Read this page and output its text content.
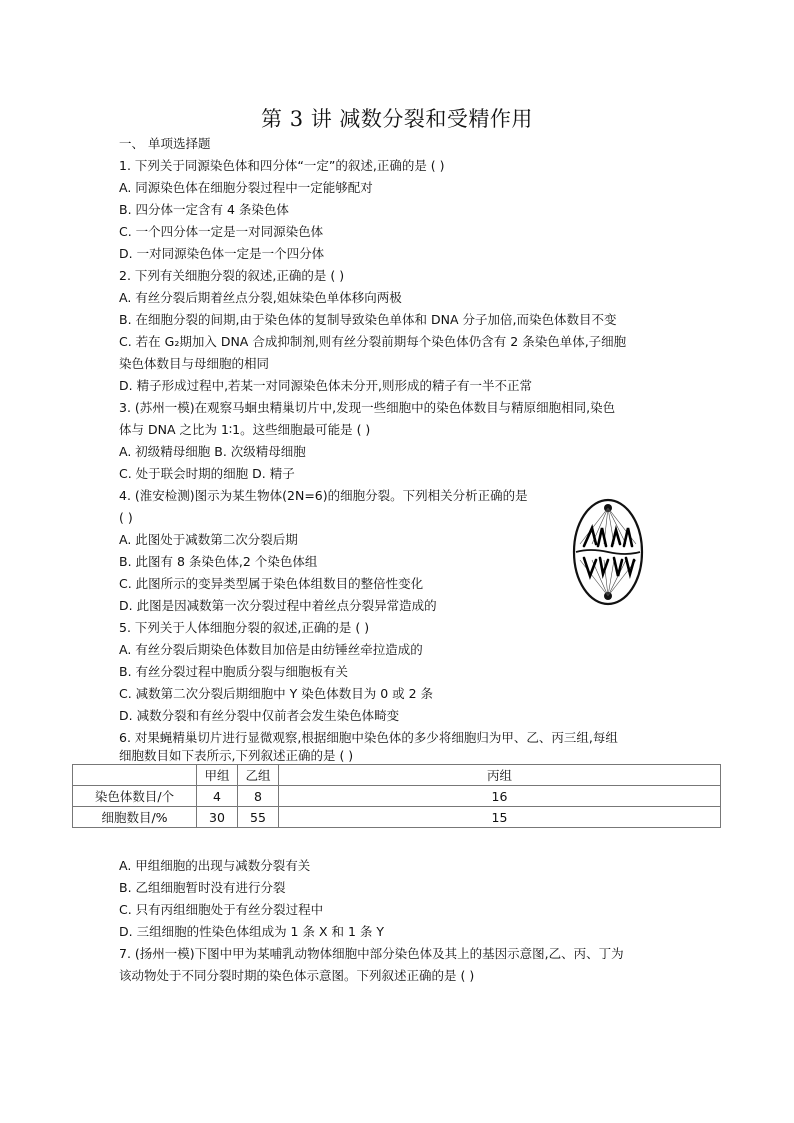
第 3 讲 减数分裂和受精作用
一、 单项选择题
1. 下列关于同源染色体和四分体“一定”的叙述,正确的是 ( )
A. 同源染色体在细胞分裂过程中一定能够配对
B. 四分体一定含有 4 条染色体
C. 一个四分体一定是一对同源染色体
D. 一对同源染色体一定是一个四分体
2. 下列有关细胞分裂的叙述,正确的是 ( )
A. 有丝分裂后期着丝点分裂,姐妹染色单体移向两极
B. 在细胞分裂的间期,由于染色体的复制导致染色单体和 DNA 分子加倍,而染色体数目不变
C. 若在 G₂期加入 DNA 合成抑制剂,则有丝分裂前期每个染色体仍含有 2 条染色单体,子细胞
染色体数目与母细胞的相同
D. 精子形成过程中,若某一对同源染色体未分开,则形成的精子有一半不正常
3. (苏州一模)在观察马蛔虫精巢切片中,发现一些细胞中的染色体数目与精原细胞相同,染色
体与 DNA 之比为 1∶1。这些细胞最可能是 ( )
A. 初级精母细胞 B. 次级精母细胞
C. 处于联会时期的细胞 D. 精子
4. (淮安检测)图示为某生物体(2N=6)的细胞分裂。下列相关分析正确的是
( )
A. 此图处于减数第二次分裂后期
B. 此图有 8 条染色体,2 个染色体组
C. 此图所示的变异类型属于染色体组数目的整倍性变化
D. 此图是因减数第一次分裂过程中着丝点分裂异常造成的
5. 下列关于人体细胞分裂的叙述,正确的是 ( )
A. 有丝分裂后期染色体数目加倍是由纺锤丝牵拉造成的
B. 有丝分裂过程中胞质分裂与细胞板有关
C. 减数第二次分裂后期细胞中 Y 染色体数目为 0 或 2 条
D. 减数分裂和有丝分裂中仅前者会发生染色体畸变
6. 对果蝇精巢切片进行显微观察,根据细胞中染色体的多少将细胞归为甲、乙、丙三组,每组
细胞数目如下表所示,下列叙述正确的是 ( )
	甲组	乙组	丙组
染色体数目/个	4	8	16
细胞数目/%	30	55	15
A. 甲组细胞的出现与减数分裂有关
B. 乙组细胞暂时没有进行分裂
C. 只有丙组细胞处于有丝分裂过程中
D. 三组细胞的性染色体组成为 1 条 X 和 1 条 Y
7. (扬州一模)下图中甲为某哺乳动物体细胞中部分染色体及其上的基因示意图,乙、丙、丁为
该动物处于不同分裂时期的染色体示意图。下列叙述正确的是 ( )
